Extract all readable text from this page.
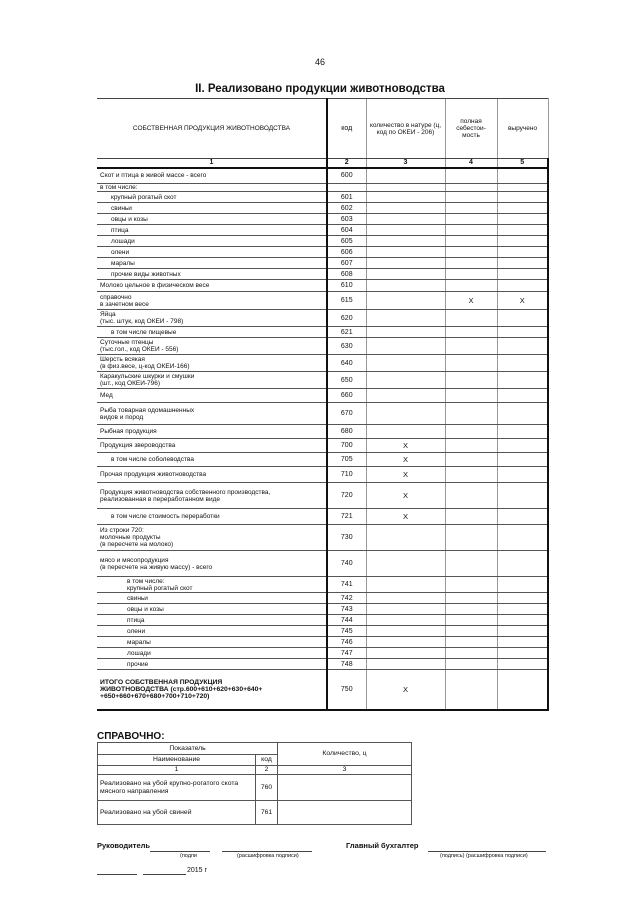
46
II. Реализовано продукции животноводства
СОБСТВЕННАЯ ПРОДУКЦИЯ ЖИВОТНОВОДСТВА	код	количество в натуре (ц, код по ОКЕИ - 206)	полная себестои-мость	выручено
1	2	3	4	5
Скот и птица в живой массе - всего	600			
в том числе:				
крупный рогатый скот	601			
свиньи	602			
овцы и козы	603			
птица	604			
лошади	605			
олени	606			
маралы	607			
прочие виды животных	608			
Молоко цельное в физическом весе	610			
справочно
в зачетном весе	615		X	X
Яйца
(тыс. штук, код ОКЕИ - 798)	620			
в том числе пищевые	621			
Суточные птенцы
(тыс.гол., код ОКЕИ - 556)	630			
Шерсть всякая
(в физ.весе, ц-код ОКЕИ-166)	640			
Каракульские шкурки и смушки
(шт., код ОКЕИ-796)	650			
Мед	660			
Рыба товарная одомашненных
видов и пород	670			
Рыбная продукция	680			
Продукция звероводства	700	X		
в том числе соболеводства	705	X		
Прочая продукция животноводства	710	X		
Продукция животноводства собственного производства,
реализованная в переработанном виде	720	X		
в том числе стоимость переработки	721	X		
Из строки 720:
молочные продукты
(в пересчете на молоко)	730			
мясо и мясопродукция
(в пересчете на живую массу) - всего	740			
в том числе:
крупный рогатый скот	741			
свиньи	742			
овцы и козы	743			
птица	744			
олени	745			
маралы	746			
лошади	747			
прочие	748			
ИТОГО СОБСТВЕННАЯ ПРОДУКЦИЯ
ЖИВОТНОВОДСТВА (стр.600+610+620+630+640+
+650+660+670+680+700+710+720)	750	X		
СПРАВОЧНО:
Показатель		Количество, ц
Наименование	код	
1	2	3
Реализовано на убой крупно-рогатого скота мясного направления	760	
Реализовано на убой свиней	761	
Руководитель
(подпи	(расшифровка подписи)
Главный бухгалтер
(подпись) (расшифровка подписи)
2015 г
